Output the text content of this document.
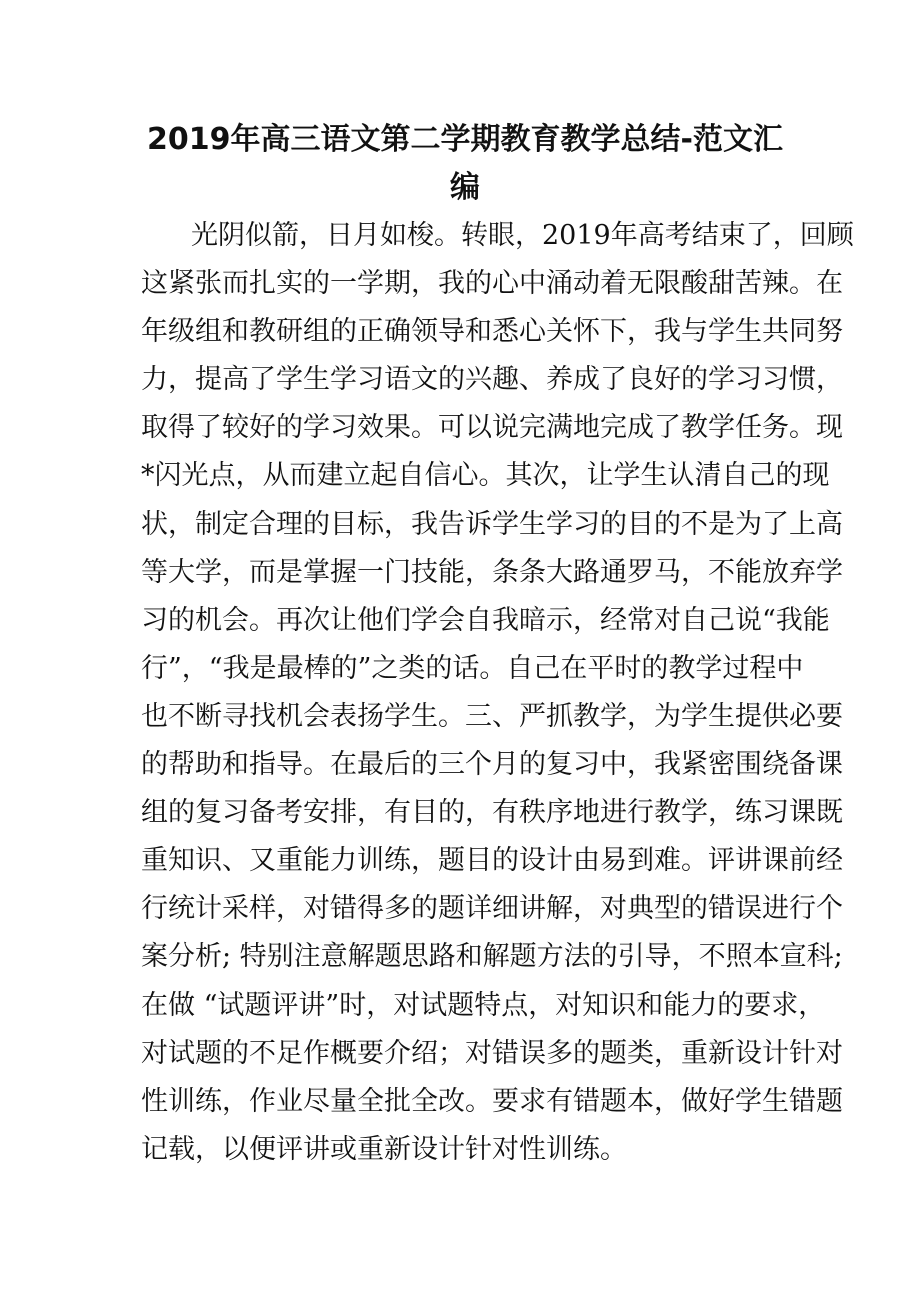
2019年高三语文第二学期教育教学总结-范文汇
编
光阴似箭，日月如梭。转眼，2019年高考结束了，回顾
这紧张而扎实的一学期，我的心中涌动着无限酸甜苦辣。在
年级组和教研组的正确领导和悉心关怀下，我与学生共同努
力，提高了学生学习语文的兴趣、养成了良好的学习习惯，
取得了较好的学习效果。可以说完满地完成了教学任务。现
*闪光点，从而建立起自信心。其次，让学生认清自己的现
状，制定合理的目标，我告诉学生学习的目的不是为了上高
等大学，而是掌握一门技能，条条大路通罗马，不能放弃学
习的机会。再次让他们学会自我暗示，经常对自己说“我能
行”，“我是最棒的”之类的话。自己在平时的教学过程中
也不断寻找机会表扬学生。三、严抓教学，为学生提供必要
的帮助和指导。在最后的三个月的复习中，我紧密围绕备课
组的复习备考安排，有目的，有秩序地进行教学，练习课既
重知识、又重能力训练，题目的设计由易到难。评讲课前经
行统计采样，对错得多的题详细讲解，对典型的错误进行个
案分析; 特别注意解题思路和解题方法的引导，不照本宣科;
在做 “试题评讲”时，对试题特点，对知识和能力的要求，
对试题的不足作概要介绍；对错误多的题类，重新设计针对
性训练，作业尽量全批全改。要求有错题本，做好学生错题
记载，以便评讲或重新设计针对性训练。
